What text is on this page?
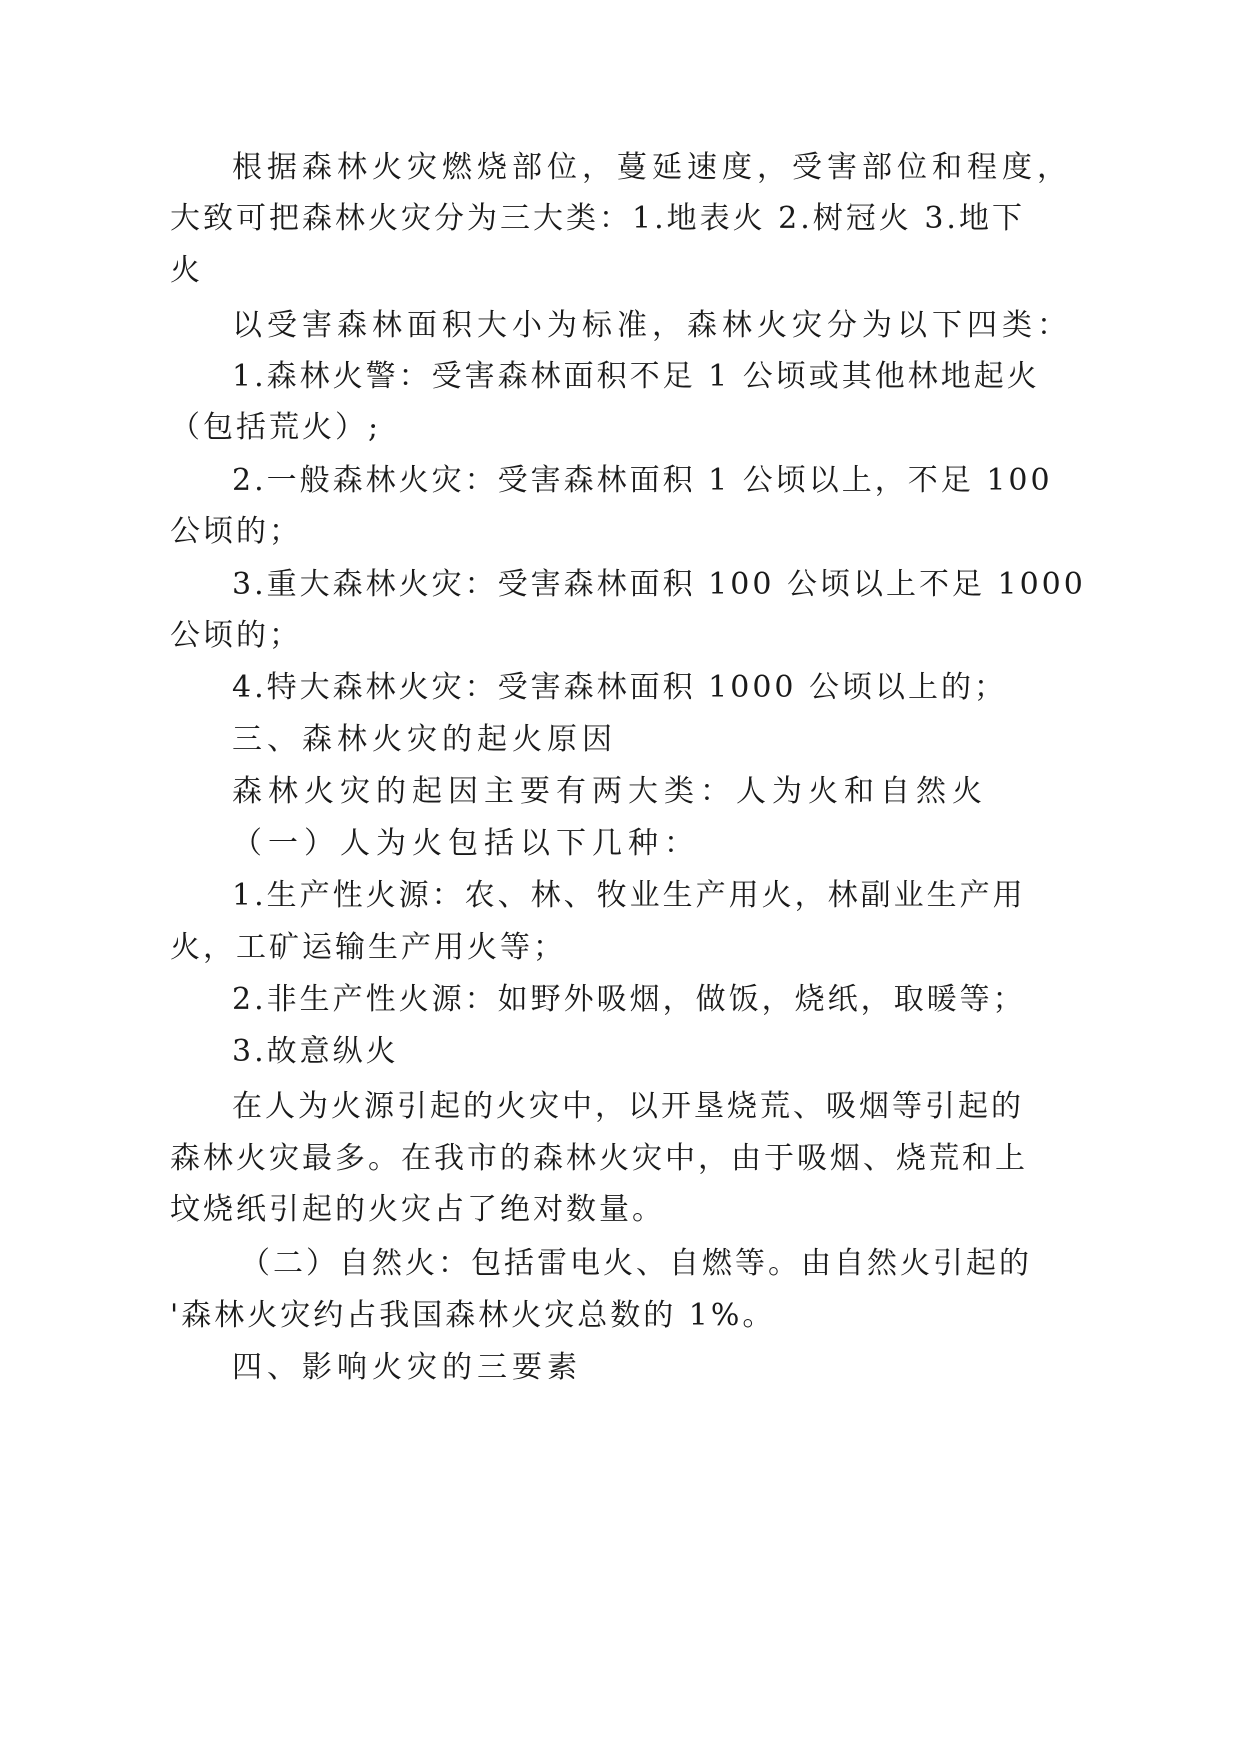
根据森林火灾燃烧部位，蔓延速度，受害部位和程度，
大致可把森林火灾分为三大类：1.地表火 2.树冠火 3.地下
火
以受害森林面积大小为标准，森林火灾分为以下四类：
1.森林火警：受害森林面积不足 1 公顷或其他林地起火
（包括荒火）;
2.一般森林火灾：受害森林面积 1 公顷以上，不足 100
公顷的；
3.重大森林火灾：受害森林面积 100 公顷以上不足 1000
公顷的；
4.特大森林火灾：受害森林面积 1000 公顷以上的；
三、森林火灾的起火原因
森林火灾的起因主要有两大类：人为火和自然火
（一）人为火包括以下几种：
1.生产性火源：农、林、牧业生产用火，林副业生产用
火，工矿运输生产用火等；
2.非生产性火源：如野外吸烟，做饭，烧纸，取暖等；
3.故意纵火
在人为火源引起的火灾中，以开垦烧荒、吸烟等引起的
森林火灾最多。在我市的森林火灾中，由于吸烟、烧荒和上
坟烧纸引起的火灾占了绝对数量。
（二）自然火：包括雷电火、自燃等。由自然火引起的
'森林火灾约占我国森林火灾总数的 1%。
四、影响火灾的三要素
